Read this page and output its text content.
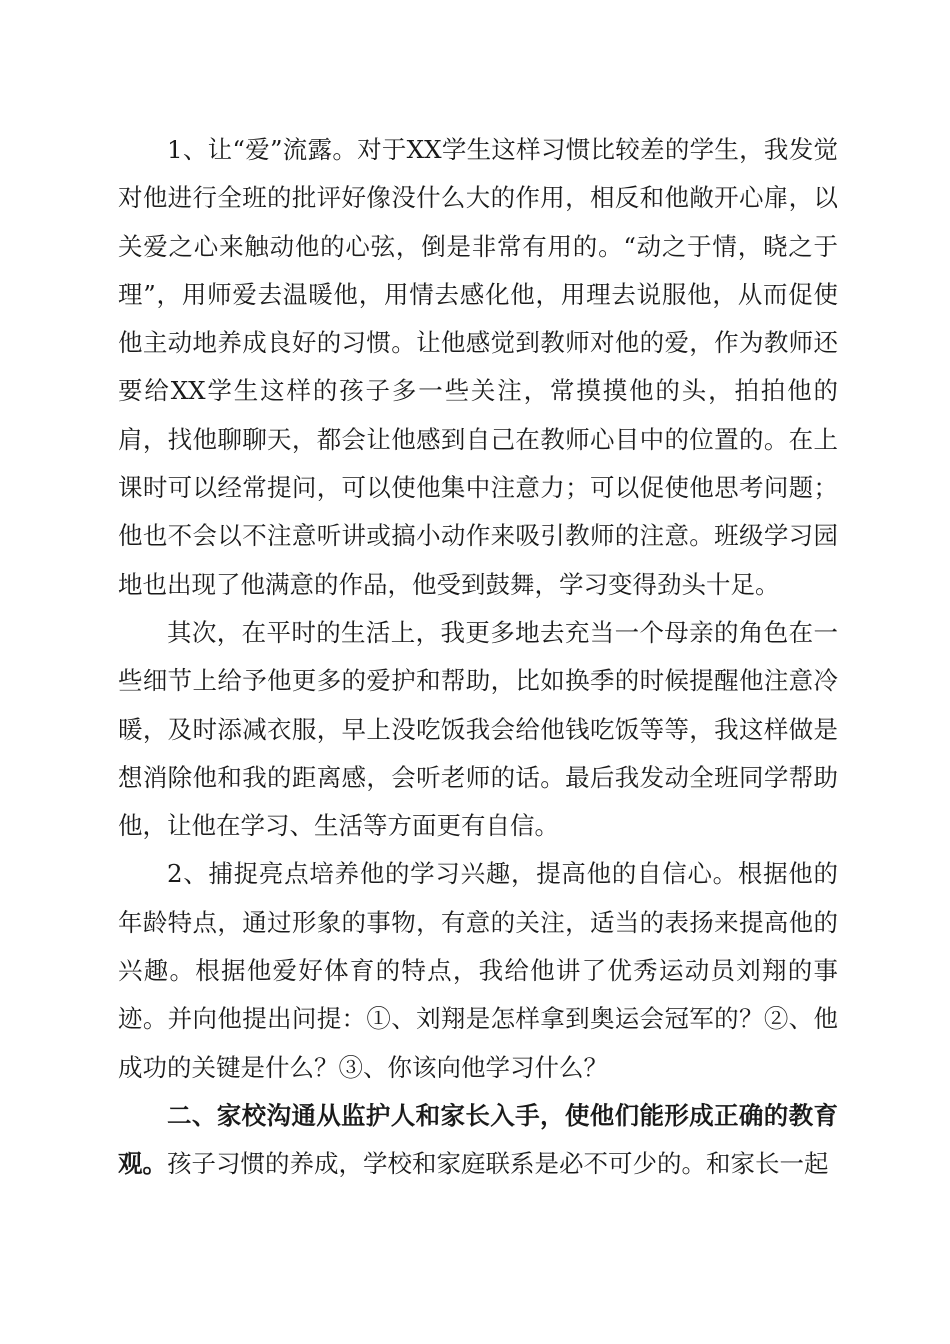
1、让“爱”流露。对于XX学生这样习惯比较差的学生，我发觉对他进行全班的批评好像没什么大的作用，相反和他敞开心扉，以关爱之心来触动他的心弦，倒是非常有用的。“动之于情，晓之于理”，用师爱去温暖他，用情去感化他，用理去说服他，从而促使他主动地养成良好的习惯。让他感觉到教师对他的爱，作为教师还要给XX学生这样的孩子多一些关注，常摸摸他的头，拍拍他的肩，找他聊聊天，都会让他感到自己在教师心目中的位置的。在上课时可以经常提问，可以使他集中注意力；可以促使他思考问题；他也不会以不注意听讲或搞小动作来吸引教师的注意。班级学习园地也出现了他满意的作品，他受到鼓舞，学习变得劲头十足。

其次，在平时的生活上，我更多地去充当一个母亲的角色在一些细节上给予他更多的爱护和帮助，比如换季的时候提醒他注意冷暖，及时添减衣服，早上没吃饭我会给他钱吃饭等等，我这样做是想消除他和我的距离感，会听老师的话。最后我发动全班同学帮助他，让他在学习、生活等方面更有自信。

2、捕捉亮点培养他的学习兴趣，提高他的自信心。根据他的年龄特点，通过形象的事物，有意的关注，适当的表扬来提高他的兴趣。根据他爱好体育的特点，我给他讲了优秀运动员刘翔的事迹。并向他提出问提：①、刘翔是怎样拿到奥运会冠军的？②、他成功的关键是什么？③、你该向他学习什么？

二、家校沟通从监护人和家长入手，使他们能形成正确的教育观。孩子习惯的养成，学校和家庭联系是必不可少的。和家长一起
